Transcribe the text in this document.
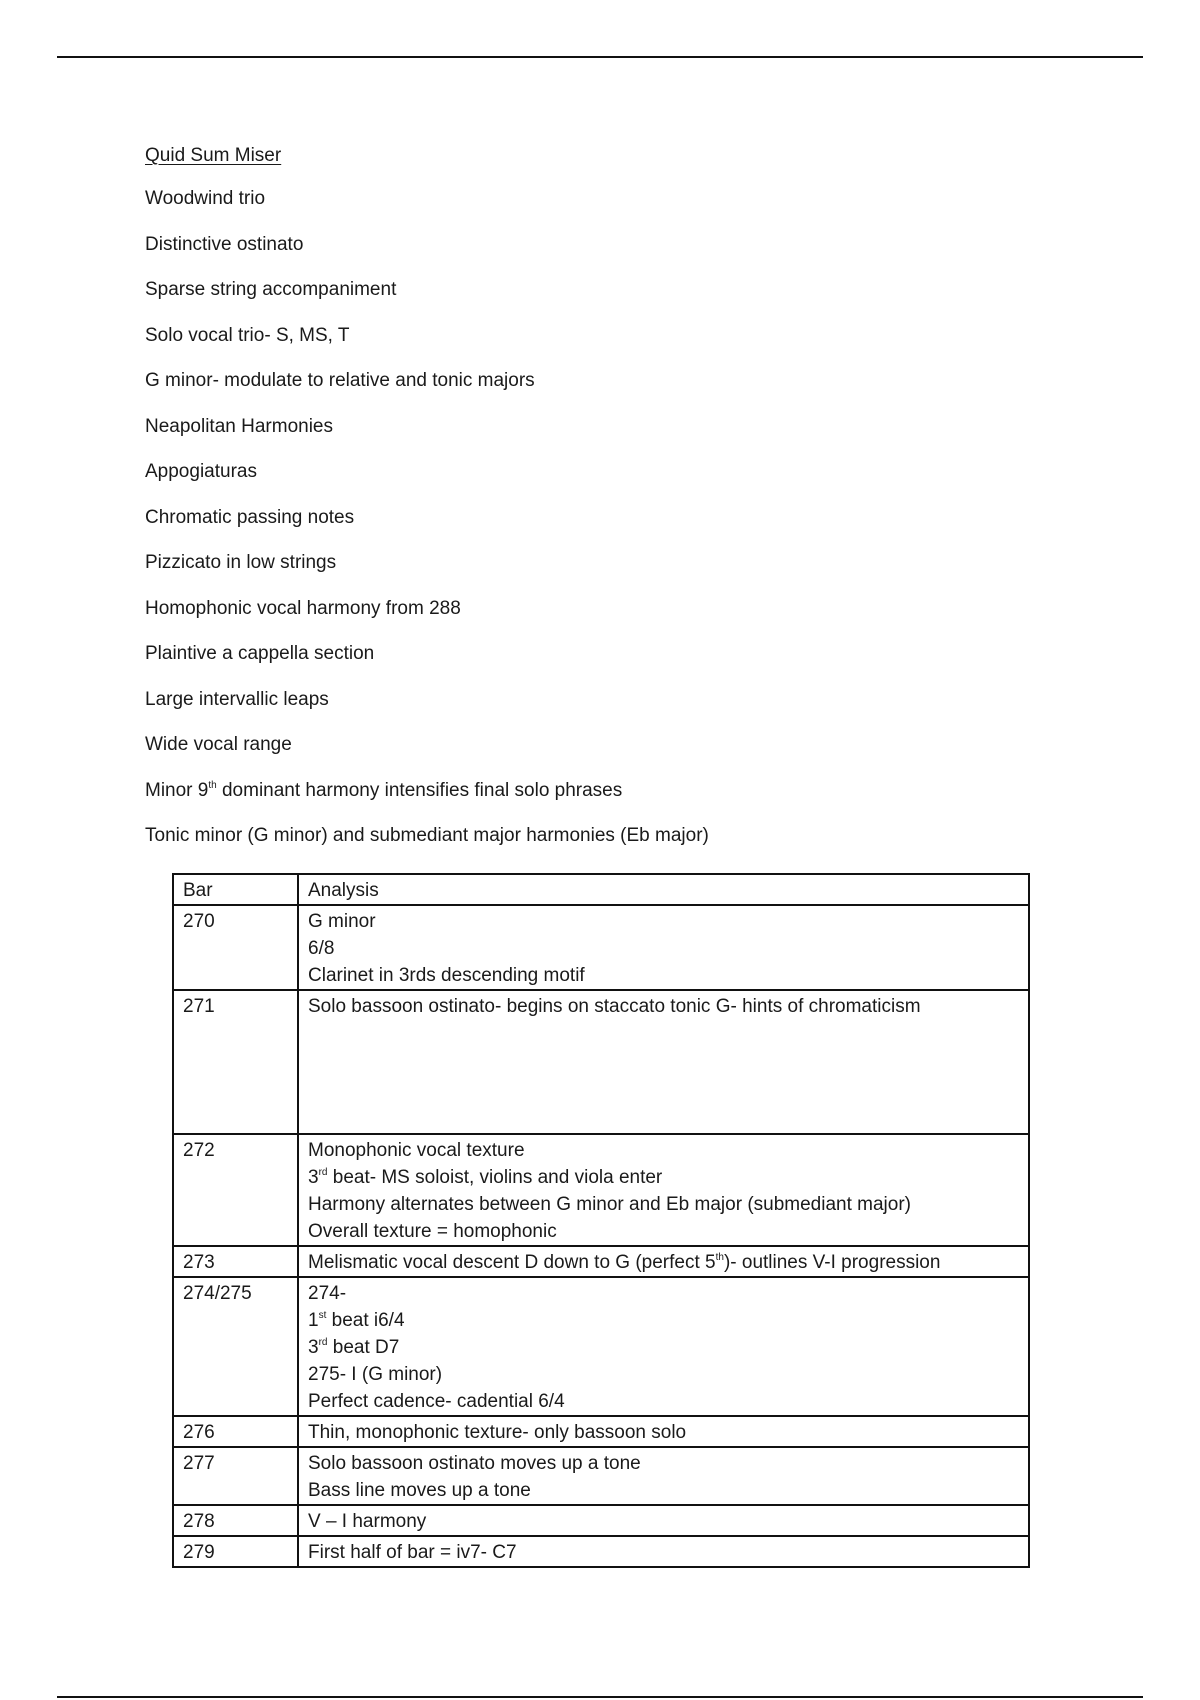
Quid Sum Miser
Woodwind trio
Distinctive ostinato
Sparse string accompaniment
Solo vocal trio- S, MS, T
G minor- modulate to relative and tonic majors
Neapolitan Harmonies
Appogiaturas
Chromatic passing notes
Pizzicato in low strings
Homophonic vocal harmony from 288
Plaintive a cappella section
Large intervallic leaps
Wide vocal range
Minor 9th dominant harmony intensifies final solo phrases
Tonic minor (G minor) and submediant major harmonies (Eb major)
Bar	Analysis
270	G minor
6/8
Clarinet in 3rds descending motif

271	Solo bassoon ostinato- begins on staccato tonic G- hints of chromaticism

272	Monophonic vocal texture
3rd beat- MS soloist, violins and viola enter
Harmony alternates between G minor and Eb major (submediant major)
Overall texture = homophonic

273	Melismatic vocal descent D down to G (perfect 5th)- outlines V-I progression

274/275	274-
1st beat i6/4
3rd beat D7
275- I (G minor)
Perfect cadence- cadential 6/4

276	Thin, monophonic texture- only bassoon solo

277	Solo bassoon ostinato moves up a tone
Bass line moves up a tone

278	V – I harmony

279	First half of bar = iv7- C7
